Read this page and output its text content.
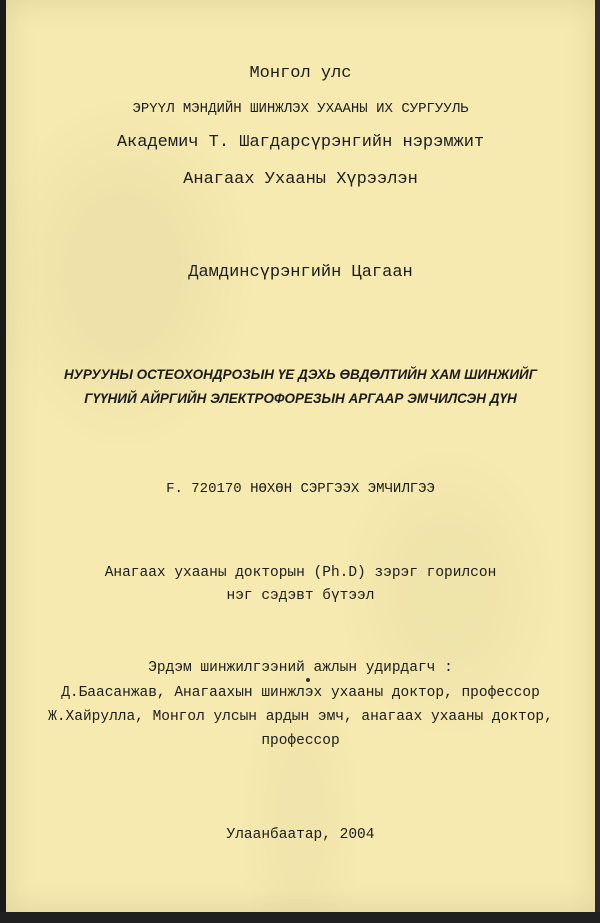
Монгол улс
ЭРҮҮЛ МЭНДИЙН ШИНЖЛЭХ УХААНЫ ИХ СУРГУУЛЬ
Академич Т. Шагдарсүрэнгийн нэрэмжит
Анагаах Ухааны Хүрээлэн
Дамдинсүрэнгийн Цагаан
НУРУУНЫ ОСТЕОХОНДРОЗЫН ҮЕ ДЭХЬ ӨВДӨЛТИЙН ХАМ ШИНЖИЙГ
ГҮҮНИЙ АЙРГИЙН ЭЛЕКТРОФОРЕЗЫН АРГААР ЭМЧИЛСЭН ДҮН
F. 720170 НӨХӨН СЭРГЭЭХ ЭМЧИЛГЭЭ
Анагаах ухааны докторын (Ph.D) зэрэг горилсон
нэг сэдэвт бүтээл
Эрдэм шинжилгээний ажлын удирдагч :
Д.Баасанжав, Анагаахын шинжлэх ухааны доктор, профессор
Ж.Хайрулла, Монгол улсын ардын эмч, анагаах ухааны доктор,
профессор
Улаанбаатар, 2004
